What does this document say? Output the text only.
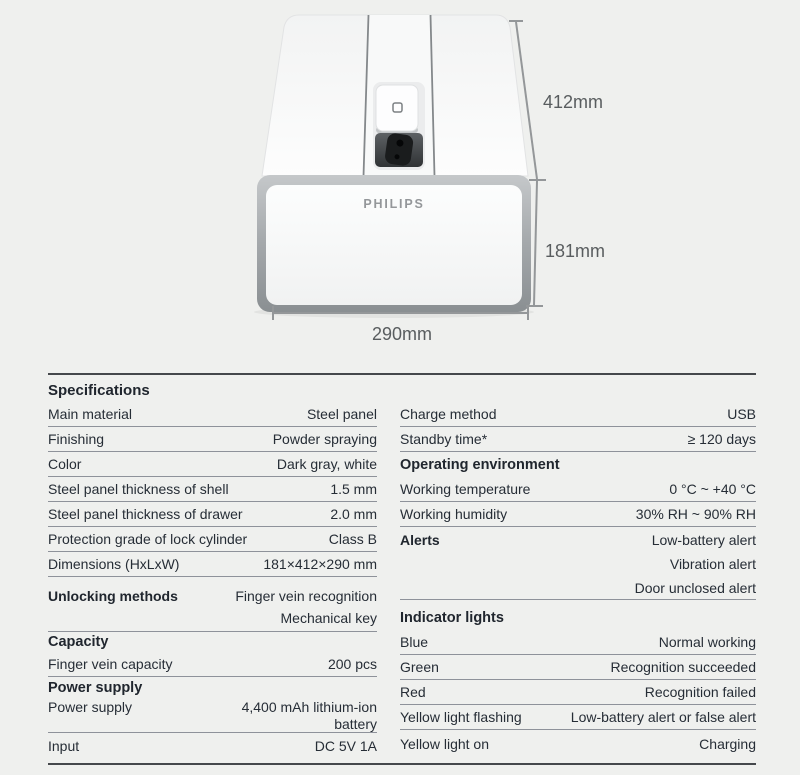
PHILIPS
412mm
181mm
290mm
Specifications
Main material	Steel panel
Finishing	Powder spraying
Color	Dark gray, white
Steel panel thickness of shell	1.5 mm
Steel panel thickness of drawer	2.0 mm
Protection grade of lock cylinder	Class B
Dimensions (HxLxW)	181×412×290 mm
Unlocking methods	Finger vein recognition
Mechanical key
Capacity
Finger vein capacity	200 pcs
Power supply
Power supply	4,400 mAh lithium-ion
battery
Input	DC 5V 1A
Charge method	USB
Standby time*	≥ 120 days
Operating environment
Working temperature	0 °C ~ +40 °C
Working humidity	30% RH ~ 90% RH
Alerts	Low-battery alert
Vibration alert
Door unclosed alert
Indicator lights
Blue	Normal working
Green	Recognition succeeded
Red	Recognition failed
Yellow light flashing	Low-battery alert or false alert
Yellow light on	Charging
